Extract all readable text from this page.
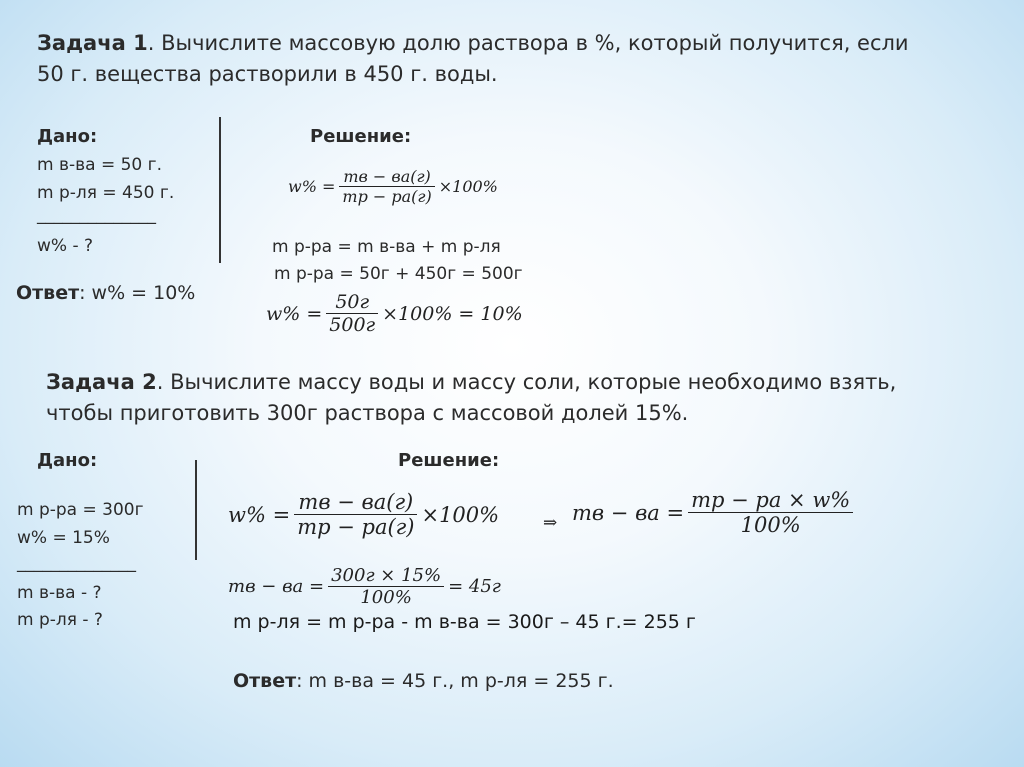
Задача 1. Вычислите массовую долю раствора в %, который получится, если
50 г. вещества растворили в 450 г. воды.
Дано:
m в-ва = 50 г.
m р-ля = 450 г.
______________
w% - ?
Решение:
$w\% = \frac{mв - ва(г)}{mр - ра(г)} \times 100\%$
m р-ра = m в-ва + m р-ля
m р-ра = 50г + 450г = 500г
Ответ: w% = 10%
$w\% = \frac{50г}{500г} \times 100\% = 10\%$
Задача 2. Вычислите массу воды и массу соли, которые необходимо взять,
чтобы приготовить 300г раствора с массовой долей 15%.
Дано:
m р-ра = 300г
w% = 15%
______________
m в-ва - ?
m р-ля - ?
Решение:
$w\% = \frac{mв - ва(г)}{mр - ра(г)} \times 100\%$	⇒ mв − ва = $\frac{mр - ра \times w\%}{100\%}$
mв − ва = $\frac{300г \times 15\%}{100\%} = 45г$
m р-ля = m р-ра - m в-ва = 300г – 45 г.= 255 г
Ответ: m в-ва = 45 г., m р-ля = 255 г.
